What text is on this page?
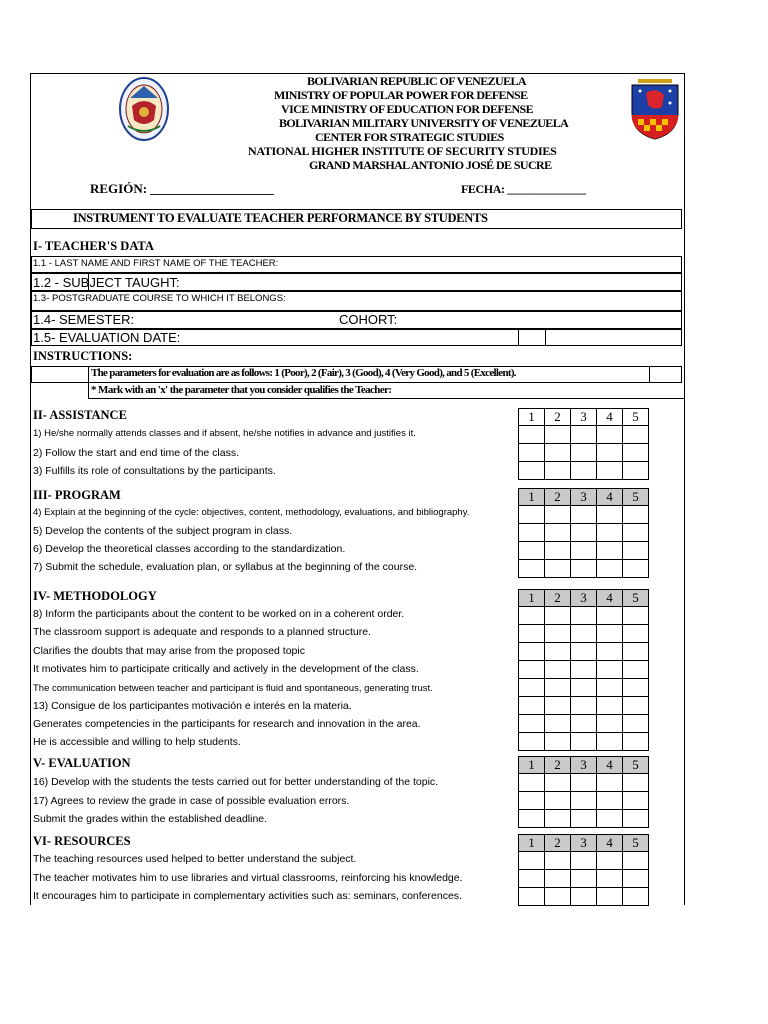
BOLIVARIAN REPUBLIC OF VENEZUELA
MINISTRY OF POPULAR POWER FOR DEFENSE
VICE MINISTRY OF EDUCATION FOR DEFENSE
BOLIVARIAN MILITARY UNIVERSITY OF VENEZUELA
CENTER FOR STRATEGIC STUDIES
NATIONAL HIGHER INSTITUTE OF SECURITY STUDIES
GRAND MARSHAL ANTONIO JOSÉ DE SUCRE
REGIÓN: ___________________	FECHA: ______________
INSTRUMENT TO EVALUATE TEACHER PERFORMANCE BY STUDENTS
I- TEACHER'S DATA
1.1 - LAST NAME AND FIRST NAME OF THE TEACHER:
1.2 - SUBJECT TAUGHT:
1.3- POSTGRADUATE COURSE TO WHICH IT BELONGS:
1.4- SEMESTER:	COHORT:
1.5- EVALUATION DATE:
INSTRUCTIONS:
The parameters for evaluation are as follows: 1 (Poor), 2 (Fair), 3 (Good), 4 (Very Good), and 5 (Excellent).
* Mark with an 'x' the parameter that you consider qualifies the Teacher:
II- ASSISTANCE
1) He/she normally attends classes and if absent, he/she notifies in advance and justifies it.
2) Follow the start and end time of the class.
3) Fulfills its role of consultations by the participants.
1	2	3	4	5

III- PROGRAM
4) Explain at the beginning of the cycle: objectives, content, methodology, evaluations, and bibliography.
5) Develop the contents of the subject program in class.
6) Develop the theoretical classes according to the standardization.
7) Submit the schedule, evaluation plan, or syllabus at the beginning of the course.
1	2	3	4	5

IV- METHODOLOGY
8) Inform the participants about the content to be worked on in a coherent order.
The classroom support is adequate and responds to a planned structure.
Clarifies the doubts that may arise from the proposed topic
It motivates him to participate critically and actively in the development of the class.
The communication between teacher and participant is fluid and spontaneous, generating trust.
13) Consigue de los participantes motivación e interés en la materia.
Generates competencies in the participants for research and innovation in the area.
He is accessible and willing to help students.
1	2	3	4	5

V- EVALUATION
16) Develop with the students the tests carried out for better understanding of the topic.
17) Agrees to review the grade in case of possible evaluation errors.
Submit the grades within the established deadline.
1	2	3	4	5

VI- RESOURCES
The teaching resources used helped to better understand the subject.
The teacher motivates him to use libraries and virtual classrooms, reinforcing his knowledge.
It encourages him to participate in complementary activities such as: seminars, conferences.
1	2	3	4	5
